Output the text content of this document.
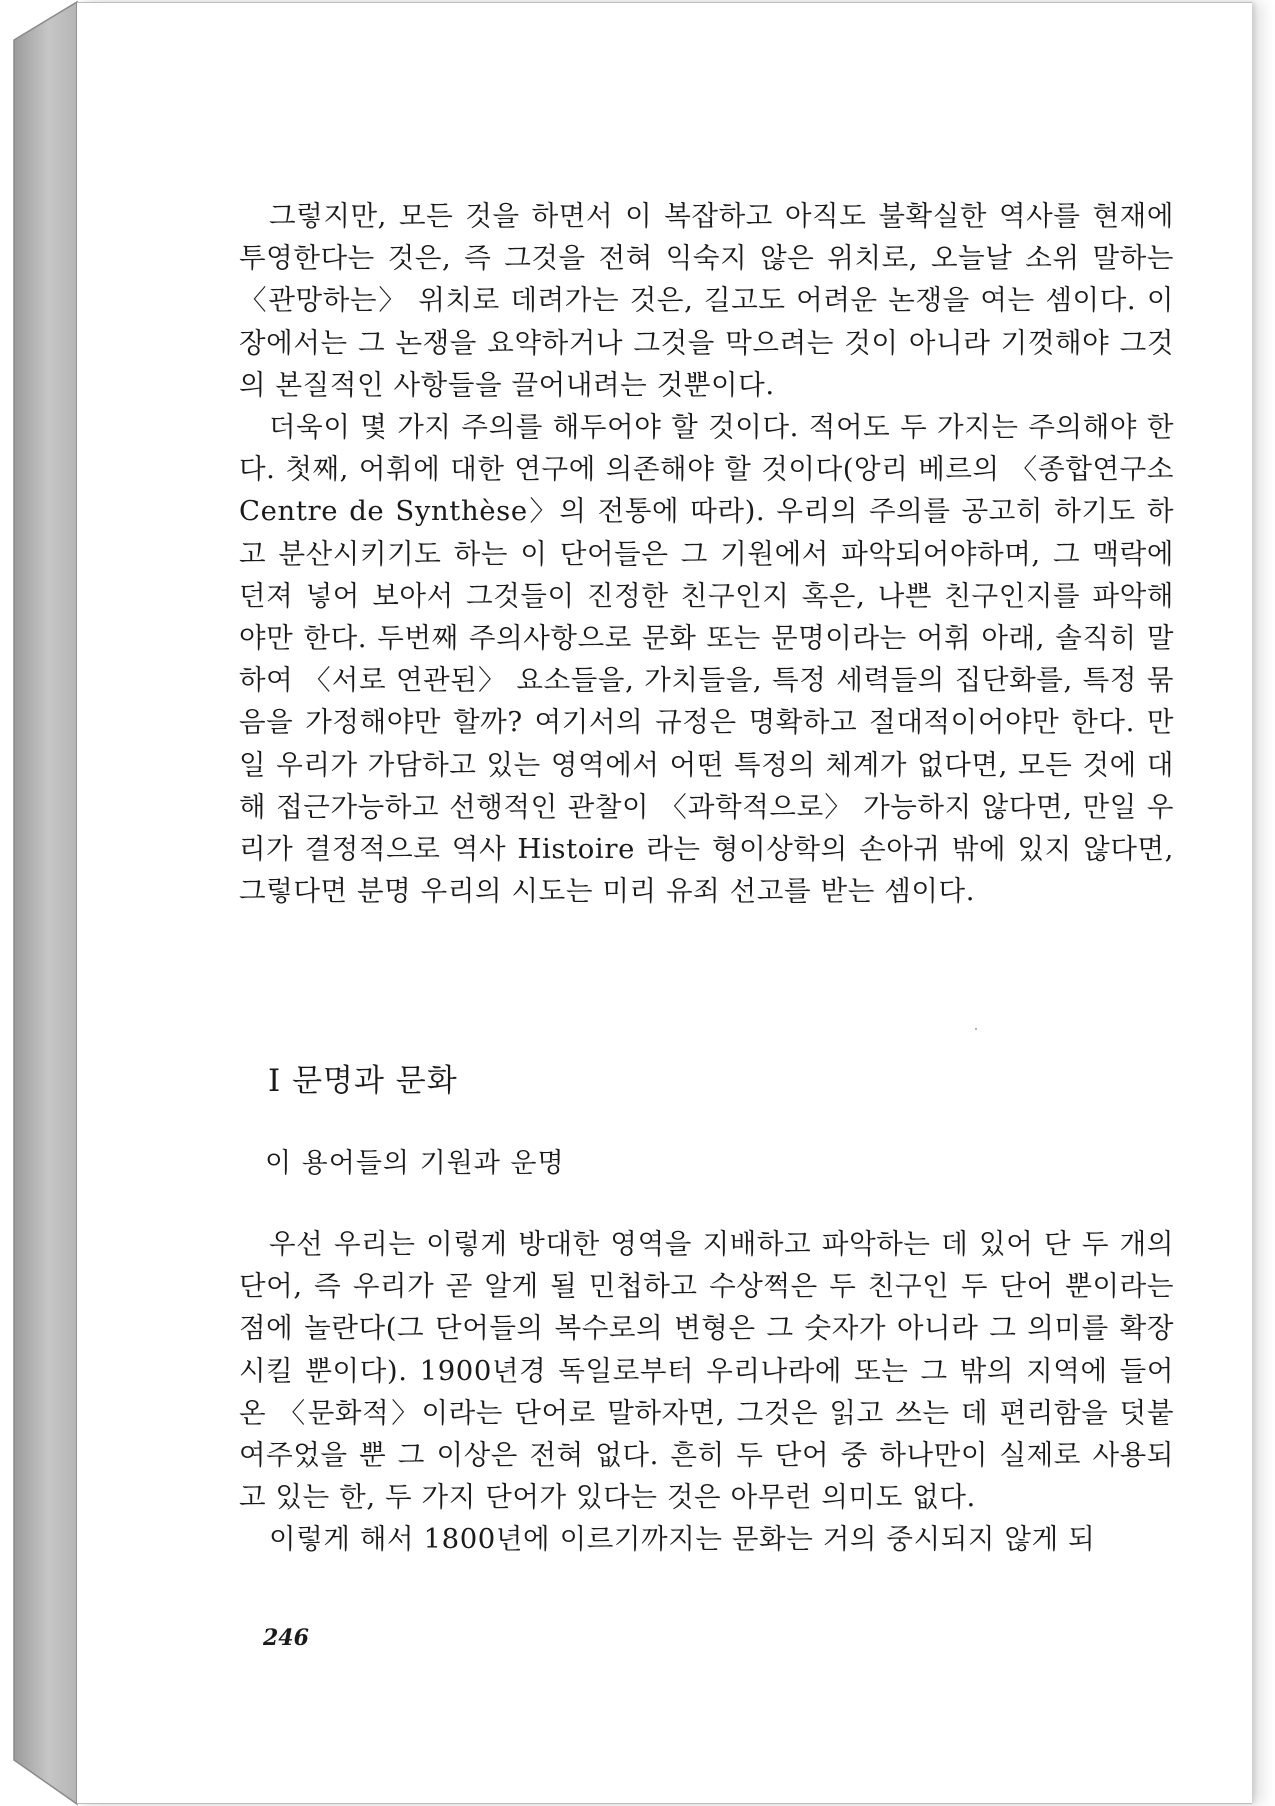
그렇지만, 모든 것을 하면서 이 복잡하고 아직도 불확실한 역사를 현재에 투영한다는 것은, 즉 그것을 전혀 익숙지 않은 위치로, 오늘날 소위 말하는 〈관망하는〉 위치로 데려가는 것은, 길고도 어려운 논쟁을 여는 셈이다. 이 장에서는 그 논쟁을 요약하거나 그것을 막으려는 것이 아니라 기껏해야 그것의 본질적인 사항들을 끌어내려는 것뿐이다.

더욱이 몇 가지 주의를 해두어야 할 것이다. 적어도 두 가지는 주의해야 한다. 첫째, 어휘에 대한 연구에 의존해야 할 것이다(앙리 베르의 〈종합연구소 Centre de Synthèse〉의 전통에 따라). 우리의 주의를 공고히 하기도 하고 분산시키기도 하는 이 단어들은 그 기원에서 파악되어야하며, 그 맥락에 던져 넣어 보아서 그것들이 진정한 친구인지 혹은, 나쁜 친구인지를 파악해야만 한다. 두번째 주의사항으로 문화 또는 문명이라는 어휘 아래, 솔직히 말하여 〈서로 연관된〉 요소들을, 가치들을, 특정 세력들의 집단화를, 특정 묶음을 가정해야만 할까? 여기서의 규정은 명확하고 절대적이어야만 한다. 만일 우리가 가담하고 있는 영역에서 어떤 특정의 체계가 없다면, 모든 것에 대해 접근가능하고 선행적인 관찰이 〈과학적으로〉 가능하지 않다면, 만일 우리가 결정적으로 역사 Histoire 라는 형이상학의 손아귀 밖에 있지 않다면, 그렇다면 분명 우리의 시도는 미리 유죄 선고를 받는 셈이다.

I 문명과 문화

이 용어들의 기원과 운명

우선 우리는 이렇게 방대한 영역을 지배하고 파악하는 데 있어 단 두 개의 단어, 즉 우리가 곧 알게 될 민첩하고 수상쩍은 두 친구인 두 단어 뿐이라는 점에 놀란다(그 단어들의 복수로의 변형은 그 숫자가 아니라 그 의미를 확장시킬 뿐이다). 1900년경 독일로부터 우리나라에 또는 그 밖의 지역에 들어온 〈문화적〉이라는 단어로 말하자면, 그것은 읽고 쓰는 데 편리함을 덧붙여주었을 뿐 그 이상은 전혀 없다. 흔히 두 단어 중 하나만이 실제로 사용되고 있는 한, 두 가지 단어가 있다는 것은 아무런 의미도 없다.

이렇게 해서 1800년에 이르기까지는 문화는 거의 중시되지 않게 되

246
